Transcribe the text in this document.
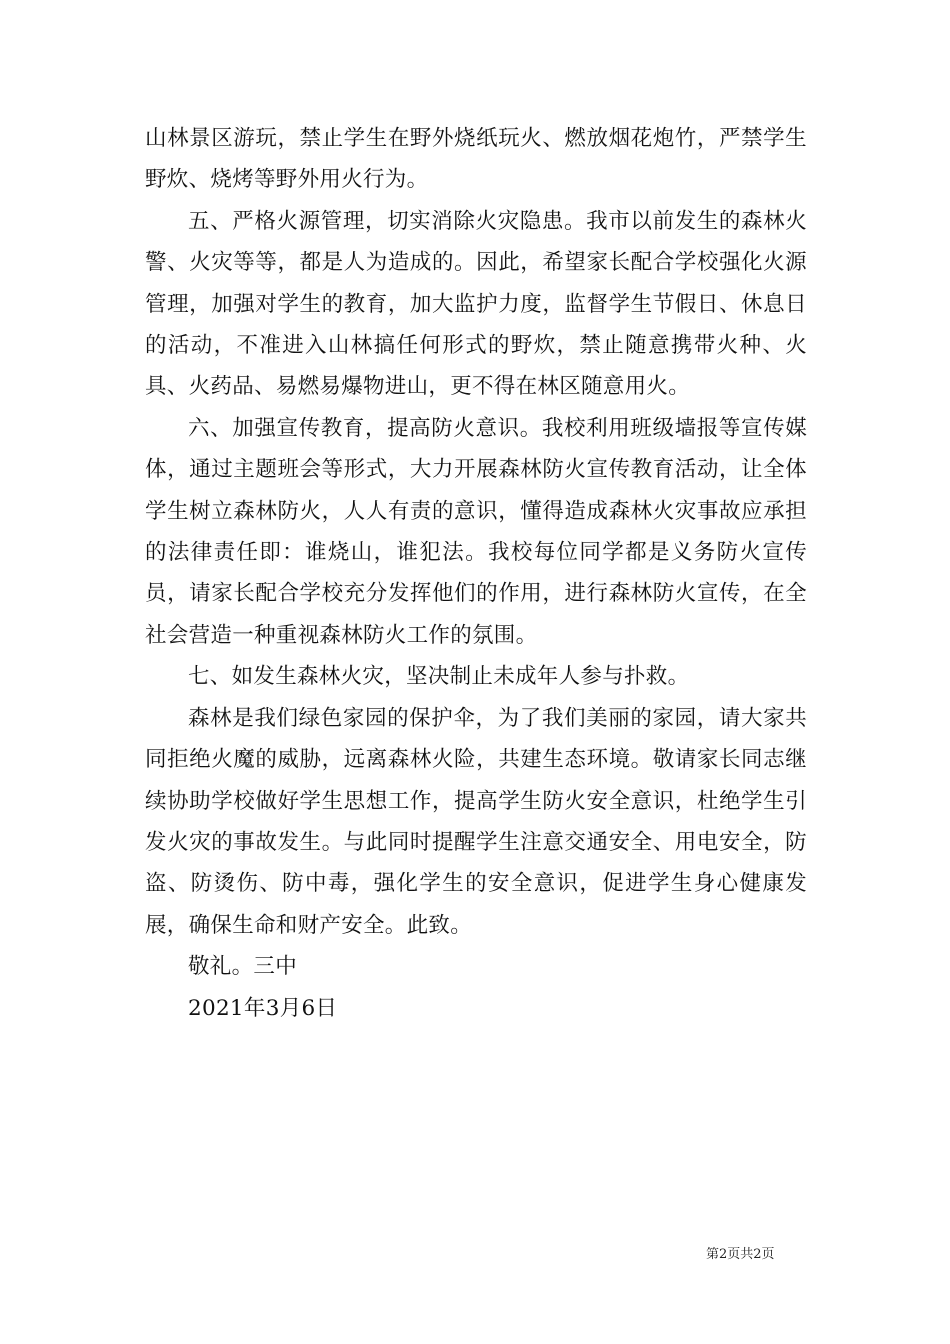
山林景区游玩，禁止学生在野外烧纸玩火、燃放烟花炮竹，严禁学生野炊、烧烤等野外用火行为。

五、严格火源管理，切实消除火灾隐患。我市以前发生的森林火警、火灾等等，都是人为造成的。因此，希望家长配合学校强化火源管理，加强对学生的教育，加大监护力度，监督学生节假日、休息日的活动，不准进入山林搞任何形式的野炊，禁止随意携带火种、火具、火药品、易燃易爆物进山，更不得在林区随意用火。

六、加强宣传教育，提高防火意识。我校利用班级墙报等宣传媒体，通过主题班会等形式，大力开展森林防火宣传教育活动，让全体学生树立森林防火，人人有责的意识，懂得造成森林火灾事故应承担的法律责任即：谁烧山，谁犯法。我校每位同学都是义务防火宣传员，请家长配合学校充分发挥他们的作用，进行森林防火宣传，在全社会营造一种重视森林防火工作的氛围。

七、如发生森林火灾，坚决制止未成年人参与扑救。

森林是我们绿色家园的保护伞，为了我们美丽的家园，请大家共同拒绝火魔的威胁，远离森林火险，共建生态环境。敬请家长同志继续协助学校做好学生思想工作，提高学生防火安全意识，杜绝学生引发火灾的事故发生。与此同时提醒学生注意交通安全、用电安全，防盗、防烫伤、防中毒，强化学生的安全意识，促进学生身心健康发展，确保生命和财产安全。此致。

敬礼。三中

2021年3月6日

第2页共2页
